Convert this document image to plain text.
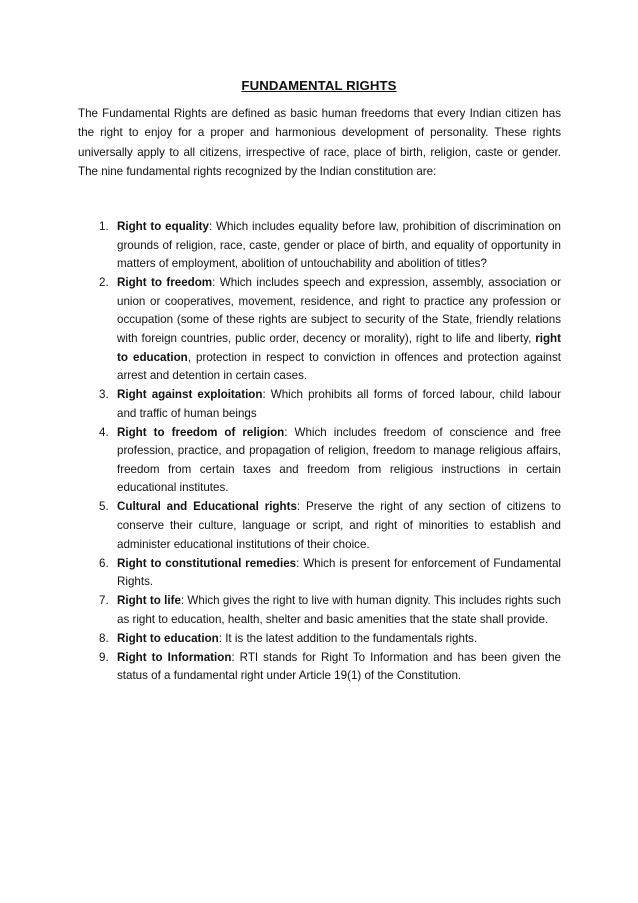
FUNDAMENTAL RIGHTS

The Fundamental Rights are defined as basic human freedoms that every Indian citizen has the right to enjoy for a proper and harmonious development of personality. These rights universally apply to all citizens, irrespective of race, place of birth, religion, caste or gender. The nine fundamental rights recognized by the Indian constitution are:

1. Right to equality: Which includes equality before law, prohibition of discrimination on grounds of religion, race, caste, gender or place of birth, and equality of opportunity in matters of employment, abolition of untouchability and abolition of titles?
2. Right to freedom: Which includes speech and expression, assembly, association or union or cooperatives, movement, residence, and right to practice any profession or occupation (some of these rights are subject to security of the State, friendly relations with foreign countries, public order, decency or morality), right to life and liberty, right to education, protection in respect to conviction in offences and protection against arrest and detention in certain cases.
3. Right against exploitation: Which prohibits all forms of forced labour, child labour and traffic of human beings
4. Right to freedom of religion: Which includes freedom of conscience and free profession, practice, and propagation of religion, freedom to manage religious affairs, freedom from certain taxes and freedom from religious instructions in certain educational institutes.
5. Cultural and Educational rights: Preserve the right of any section of citizens to conserve their culture, language or script, and right of minorities to establish and administer educational institutions of their choice.
6. Right to constitutional remedies: Which is present for enforcement of Fundamental Rights.
7. Right to life: Which gives the right to live with human dignity. This includes rights such as right to education, health, shelter and basic amenities that the state shall provide.
8. Right to education: It is the latest addition to the fundamentals rights.
9. Right to Information: RTI stands for Right To Information and has been given the status of a fundamental right under Article 19(1) of the Constitution.
